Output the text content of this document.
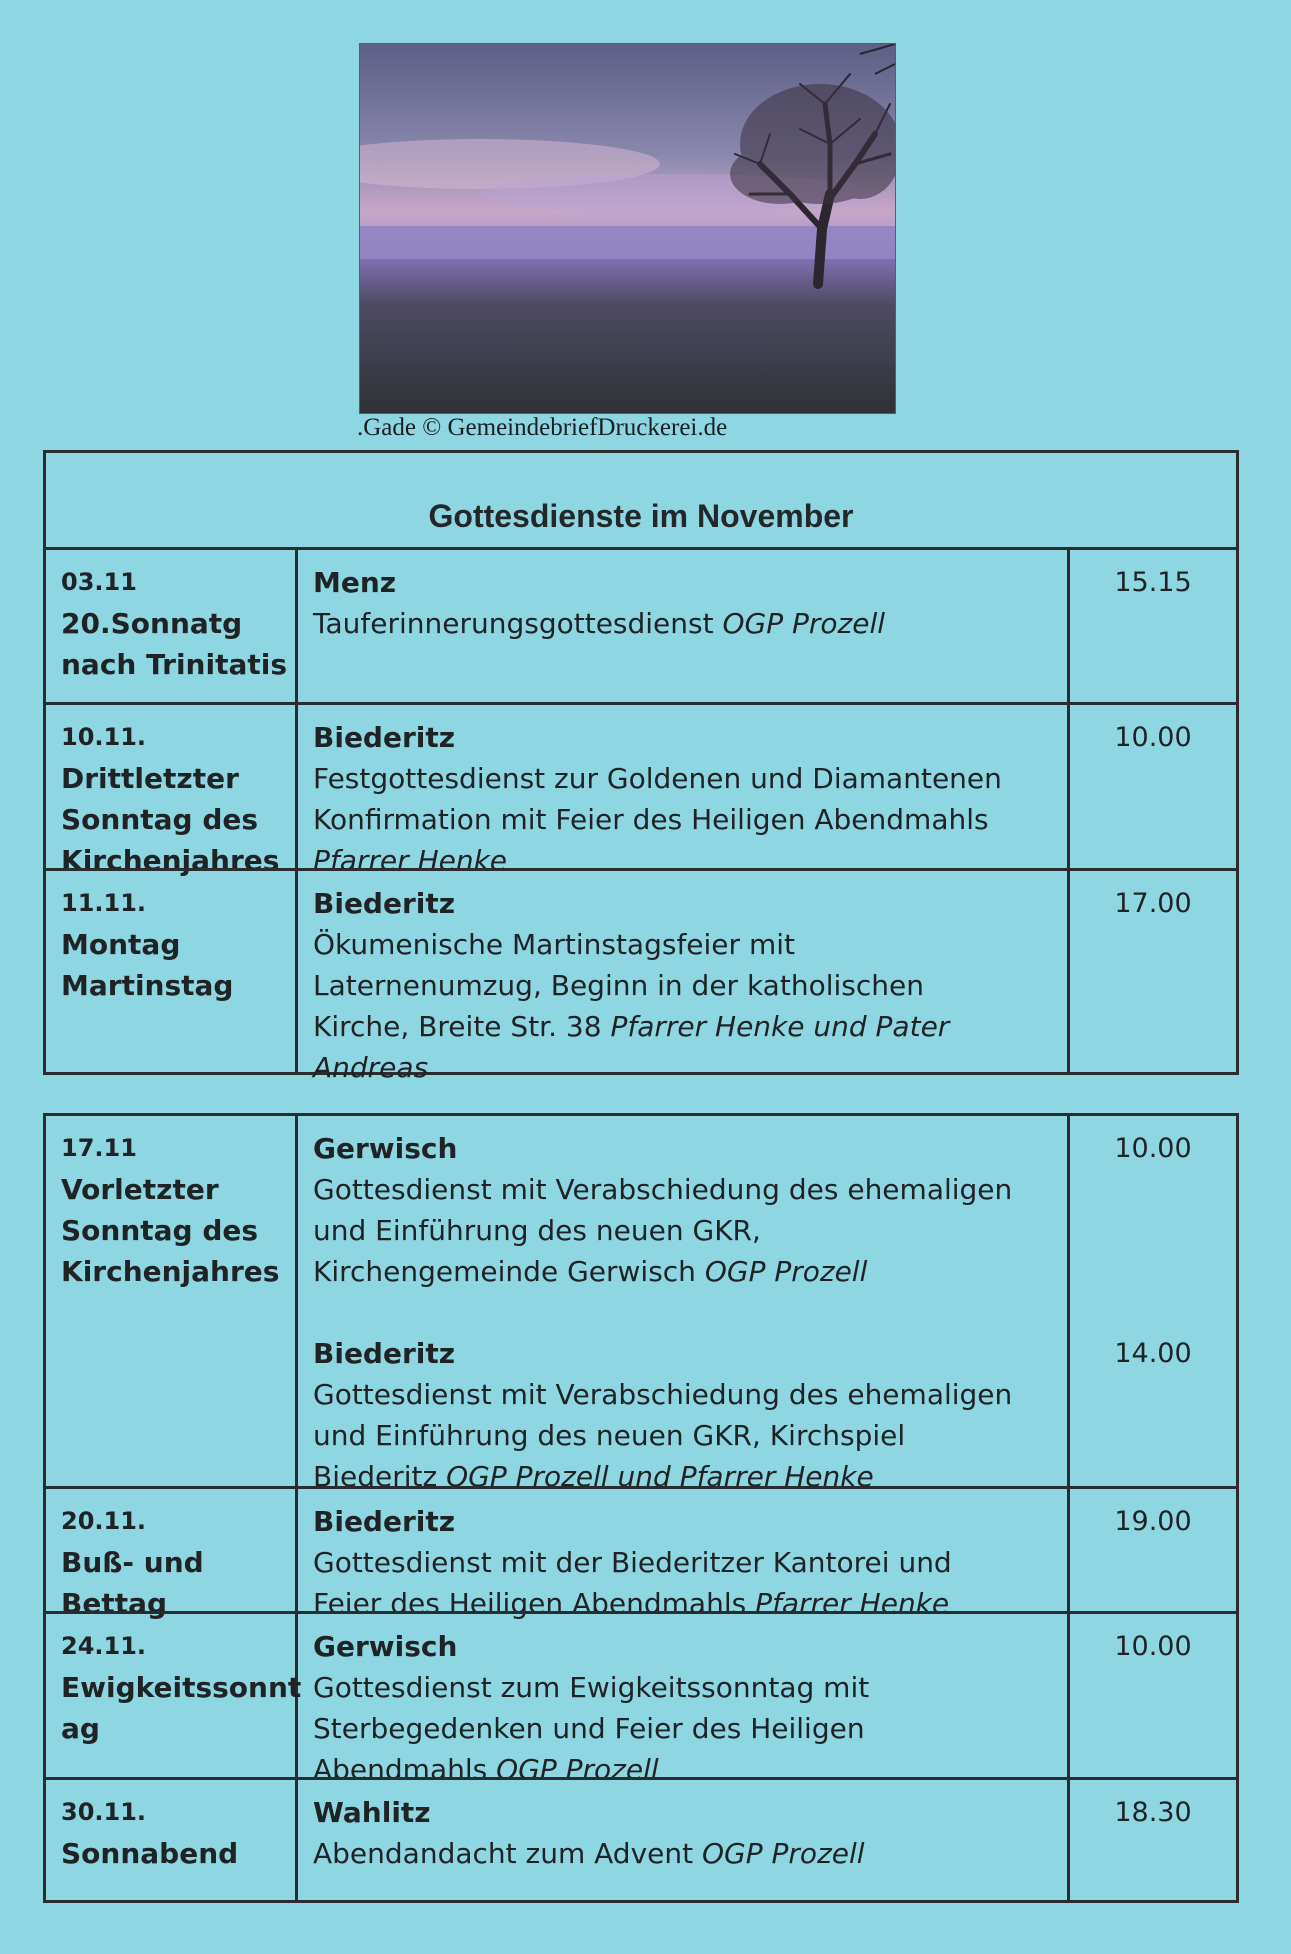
.Gade © GemeindebriefDruckerei.de
Gottesdienste im November
03.11
20.Sonnatg
nach Trinitatis
Menz
Tauferinnerungsgottesdienst OGP Prozell
15.15
10.11.
Drittletzter
Sonntag des
Kirchenjahres
Biederitz
Festgottesdienst zur Goldenen und Diamantenen
Konfirmation mit Feier des Heiligen Abendmahls
Pfarrer Henke
10.00
11.11.
Montag
Martinstag
Biederitz
Ökumenische Martinstagsfeier mit
Laternenumzug, Beginn in der katholischen
Kirche, Breite Str. 38 Pfarrer Henke und Pater
Andreas
17.00
17.11
Vorletzter
Sonntag des
Kirchenjahres
Gerwisch
Gottesdienst mit Verabschiedung des ehemaligen
und Einführung des neuen GKR,
Kirchengemeinde Gerwisch OGP Prozell
Biederitz
Gottesdienst mit Verabschiedung des ehemaligen
und Einführung des neuen GKR, Kirchspiel
Biederitz OGP Prozell und Pfarrer Henke
10.00
14.00
20.11.
Buß- und
Bettag
Biederitz
Gottesdienst mit der Biederitzer Kantorei und
Feier des Heiligen Abendmahls Pfarrer Henke
19.00
24.11.
Ewigkeitssonnt
ag
Gerwisch
Gottesdienst zum Ewigkeitssonntag mit
Sterbegedenken und Feier des Heiligen
Abendmahls OGP Prozell
10.00
30.11.
Sonnabend
Wahlitz
Abendandacht zum Advent OGP Prozell
18.30
